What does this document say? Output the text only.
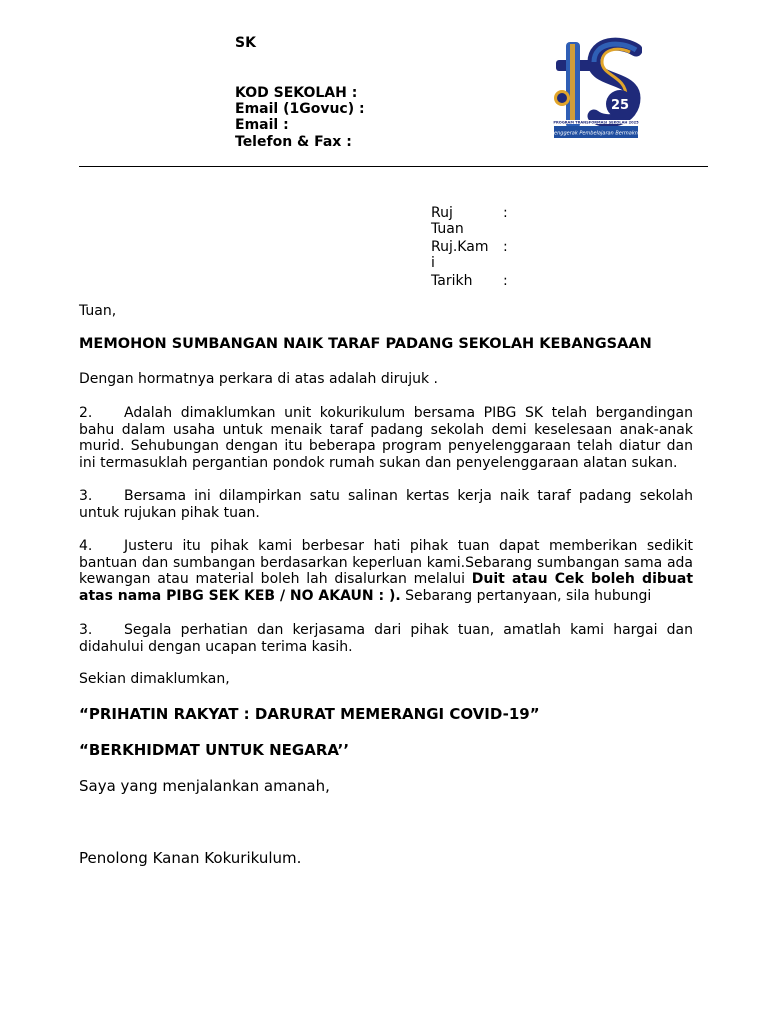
SK
KOD SEKOLAH :
Email (1Govuc) :
Email :
Telefon & Fax :
25
PROGRAM TRANSFORMASI SEKOLAH 2025
Penggerak Pembelajaran Bermakna
Ruj	:
Tuan
Ruj.Kam :
i
Tarikh :
Tuan,
MEMOHON SUMBANGAN NAIK TARAF PADANG SEKOLAH KEBANGSAAN
Dengan hormatnya perkara di atas adalah dirujuk .
2. Adalah dimaklumkan unit kokurikulum bersama PIBG SK telah bergandingan bahu dalam usaha untuk menaik taraf padang sekolah demi keselesaan anak-anak murid. Sehubungan dengan itu beberapa program penyelenggaraan telah diatur dan ini termasuklah pergantian pondok rumah sukan dan penyelenggaraan alatan sukan.
3. Bersama ini dilampirkan satu salinan kertas kerja naik taraf padang sekolah untuk rujukan pihak tuan.
4. Justeru itu pihak kami berbesar hati pihak tuan dapat memberikan sedikit bantuan dan sumbangan berdasarkan keperluan kami.Sebarang sumbangan sama ada kewangan atau material boleh lah disalurkan melalui Duit atau Cek boleh dibuat atas nama PIBG SEK KEB / NO AKAUN : ). Sebarang pertanyaan, sila hubungi
3. Segala perhatian dan kerjasama dari pihak tuan, amatlah kami hargai dan didahului dengan ucapan terima kasih.
Sekian dimaklumkan,
“PRIHATIN RAKYAT : DARURAT MEMERANGI COVID-19”
“BERKHIDMAT UNTUK NEGARA’’
Saya yang menjalankan amanah,
Penolong Kanan Kokurikulum.
